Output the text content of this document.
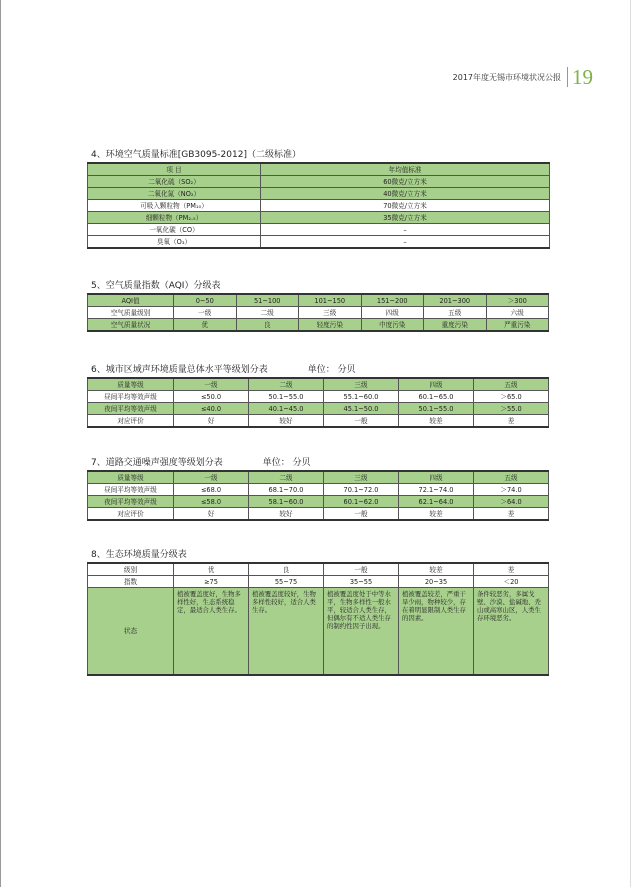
2017年度无锡市环境状况公报 19
4、环境空气质量标准[GB3095-2012]（二级标准）
项 目	年均值标准
二氧化硫（SO₂）	60微克/立方米
二氧化氮（NO₂）	40微克/立方米
可吸入颗粒物（PM₁₀）	70微克/立方米
细颗粒物（PM₂.₅）	35微克/立方米
一氧化碳（CO）	–
臭氧（O₃）	–
5、空气质量指数（AQI）分级表
AQI值	0~50	51~100	101~150	151~200	201~300	＞300
空气质量级别	一级	二级	三级	四级	五级	六级
空气质量状况	优	良	轻度污染	中度污染	重度污染	严重污染
6、城市区域声环境质量总体水平等级划分表	单位： 分贝
质量等级	一级	二级	三级	四级	五级
昼间平均等效声级	≤50.0	50.1~55.0	55.1~60.0	60.1~65.0	＞65.0
夜间平均等效声级	≤40.0	40.1~45.0	45.1~50.0	50.1~55.0	＞55.0
对应评价	好	较好	一般	较差	差
7、道路交通噪声强度等级划分表	单位： 分贝
质量等级	一级	二级	三级	四级	五级
昼间平均等效声级	≤68.0	68.1~70.0	70.1~72.0	72.1~74.0	＞74.0
夜间平均等效声级	≤58.0	58.1~60.0	60.1~62.0	62.1~64.0	＞64.0
对应评价	好	较好	一般	较差	差
8、生态环境质量分级表
级别	优	良	一般	较差	差
指数	≥75	55~75	35~55	20~35	＜20
状态	植被覆盖度好，生物多样性好，生态系统稳定，最适合人类生存。	植被覆盖度较好，生物多样性较好，适合人类生存。	植被覆盖度处于中等水平，生物多样性一般水平，较适合人类生存，但偶尔有不适人类生存的制约性因子出现。	植被覆盖较差，严重干旱少雨，物种较少，存在着明显限制人类生存的因素。	条件较恶劣，多属戈壁、沙漠、盐碱地、秃山或高寒山区，人类生存环境恶劣。
